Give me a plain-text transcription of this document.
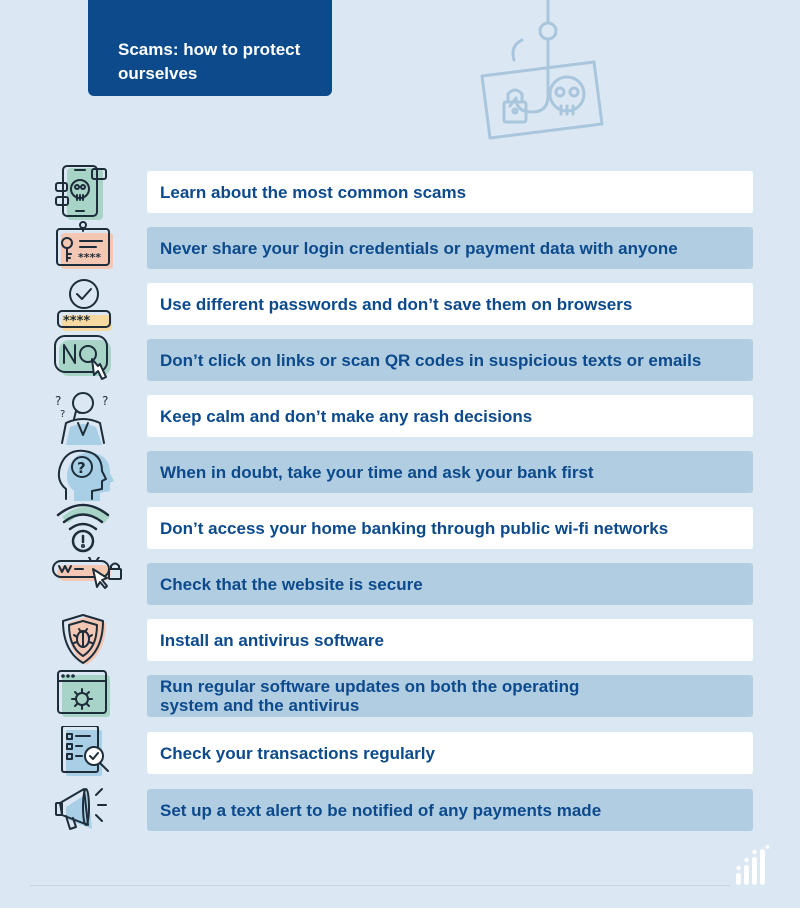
Scams: how to protect
ourselves
Learn about the most common scams
****	Never share your login credentials or payment data with anyone
****
Use different passwords and don’t save them on browsers
Don’t click on links or scan QR codes in suspicious texts or emails
?	?
?	Keep calm and don’t make any rash decisions
?	When in doubt, take your time and ask your bank first
Don’t access your home banking through public wi-fi networks
Check that the website is secure
Install an antivirus software
Run regular software updates on both the operating
system and the antivirus
Check your transactions regularly
Set up a text alert to be notified of any payments made
